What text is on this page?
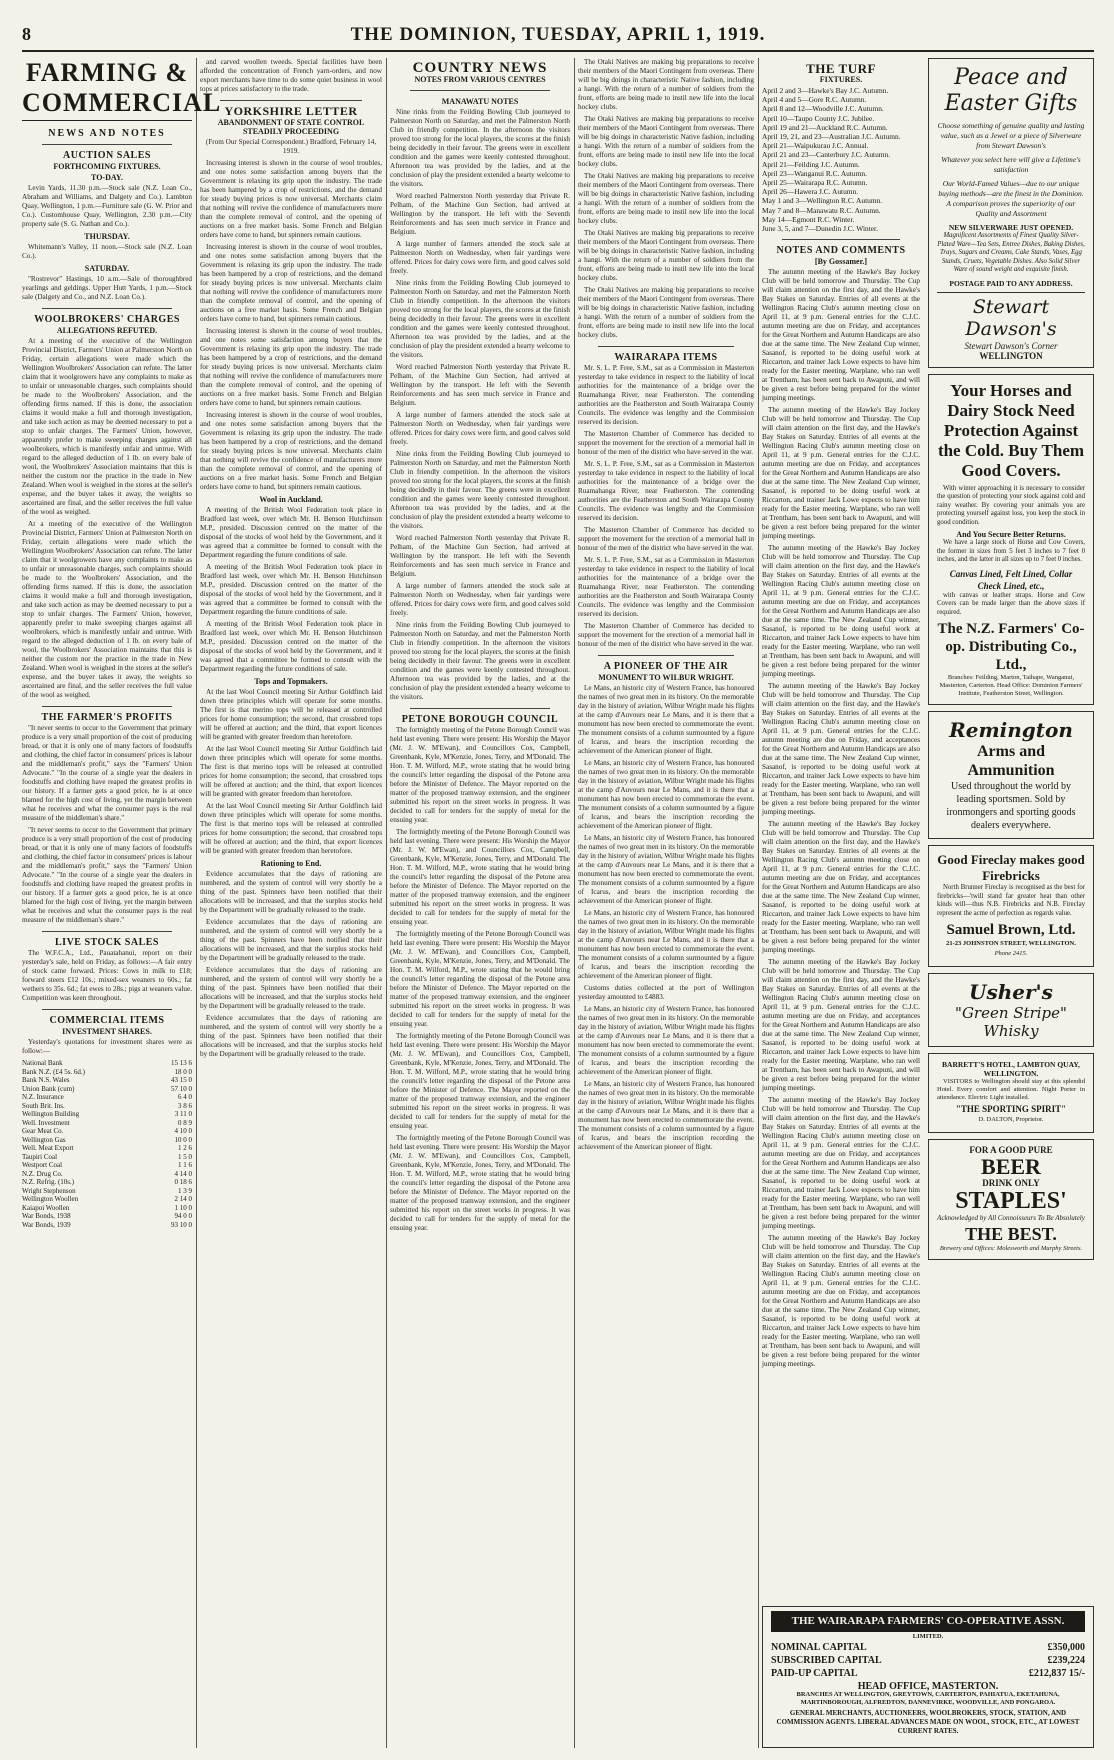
8	THE DOMINION, TUESDAY, APRIL 1, 1919.
FARMING & COMMERCIAL
NEWS AND NOTES
AUCTION SALES
FORTHCOMING FIXTURES.
TO-DAY.

Levin Yards, 11.30 p.m.—Stock sale (N.Z. Loan Co., Abraham and Williams, and Dalgety and Co.). Lambton Quay, Wellington, 1 p.m.—Furniture sale (G. W. Prior and Co.). Customhouse Quay, Wellington, 2.30 p.m.—City property sale (S. G. Nathan and Co.).

THURSDAY.

Whitemann's Valley, 11 noon.—Stock sale (N.Z. Loan Co.).

SATURDAY.

"Rostrevor" Hastings, 10 a.m.—Sale of thoroughbred yearlings and geldings. Upper Hutt Yards, 1 p.m.—Stock sale (Dalgety and Co., and N.Z. Loan Co.).

WOOLBROKERS' CHARGES
ALLEGATIONS REFUTED.

At a meeting of the executive of the Wellington Provincial District, Farmers' Union at Palmerston North on Friday, certain allegations were made which the Wellington Woolbrokers' Association can refute. The latter claim that it woolgrowers have any complaints to make as to unfair or unreasonable charges, such complaints should be made to the Woolbrokers' Association, and the offending firms named. If this is done, the association claims it would make a full and thorough investigation, and take such action as may be deemed necessary to put a stop to unfair charges. The Farmers' Union, however, apparently prefer to make sweeping charges against all woolbrokers, which is manifestly unfair and untrue. With regard to the alleged deduction of 1 lb. on every bale of wool, the Woolbrokers' Association maintains that this is neither the custom nor the practice in the trade in New Zealand. When wool is weighed in the stores at the seller's expense, and the buyer takes it away, the weights so ascertained are final, and the seller receives the full value of the wool as weighed.

At a meeting of the executive of the Wellington Provincial District, Farmers' Union at Palmerston North on Friday, certain allegations were made which the Wellington Woolbrokers' Association can refute. The latter claim that it woolgrowers have any complaints to make as to unfair or unreasonable charges, such complaints should be made to the Woolbrokers' Association, and the offending firms named. If this is done, the association claims it would make a full and thorough investigation, and take such action as may be deemed necessary to put a stop to unfair charges. The Farmers' Union, however, apparently prefer to make sweeping charges against all woolbrokers, which is manifestly unfair and untrue. With regard to the alleged deduction of 1 lb. on every bale of wool, the Woolbrokers' Association maintains that this is neither the custom nor the practice in the trade in New Zealand. When wool is weighed in the stores at the seller's expense, and the buyer takes it away, the weights so ascertained are final, and the seller receives the full value of the wool as weighed.

THE FARMER'S PROFITS

"It never seems to occur to the Government that primary produce is a very small proportion of the cost of producing bread, or that it is only one of many factors of foodstuffs and clothing, the chief factor in consumers' prices is labour and the middleman's profit," says the "Farmers' Union Advocate." "In the course of a single year the dealers in foodstuffs and clothing have reaped the greatest profits in our history. If a farmer gets a good price, he is at once blamed for the high cost of living, yet the margin between what he receives and what the consumer pays is the real measure of the middleman's share."

"It never seems to occur to the Government that primary produce is a very small proportion of the cost of producing bread, or that it is only one of many factors of foodstuffs and clothing, the chief factor in consumers' prices is labour and the middleman's profit," says the "Farmers' Union Advocate." "In the course of a single year the dealers in foodstuffs and clothing have reaped the greatest profits in our history. If a farmer gets a good price, he is at once blamed for the high cost of living, yet the margin between what he receives and what the consumer pays is the real measure of the middleman's share."

LIVE STOCK SALES

The W.F.C.A., Ltd., Pauatahanui, report on their yesterday's sale, held on Friday, as follows:—A fair entry of stock came forward. Prices: Cows in milk to £18; forward steers £12 10s.; mixed-sex weaners to 60s.; fat wethers to 35s. 6d.; fat ewes to 28s.; pigs at weaners value. Competition was keen throughout.

COMMERCIAL ITEMS
INVESTMENT SHARES.

Yesterday's quotations for investment shares were as follow:—

National Bank	15 13 6
Bank N.Z. (£4 5s. 6d.)	18 0 0
Bank N.S. Wales	43 15 0
Union Bank (cum)	57 10 0
N.Z. Insurance	6 4 0
South Brit. Ins.	3 8 6
Wellington Building	3 11 0
Well. Investment	0 8 9
Gear Meat Co.	4 10 0
Wellington Gas	10 0 0
Well. Meat Export	1 2 6
Taupiri Coal	1 5 0
Westport Coal	1 1 6
N.Z. Drug Co.	4 14 0
N.Z. Refrig. (10s.)	0 18 6
Wright Stephenson	1 3 9
Wellington Woollen	2 14 0
Kaiapoi Woollen	1 10 0
War Bonds, 1938	94 0 0
War Bonds, 1939	93 10 0

and carved woollen tweeds. Special facilities have been afforded the concentration of French yarn-orders, and now export merchants have time to do some quiet business in wool tops at prices satisfactory to the trade.

YORKSHIRE LETTER
ABANDONMENT OF STATE CONTROL STEADILY PROCEEDING

(From Our Special Correspondent.) Bradford, February 14, 1919.

Increasing interest is shown in the course of wool troubles, and one notes some satisfaction among buyers that the Government is relaxing its grip upon the industry. The trade has been hampered by a crop of restrictions, and the demand for steady buying prices is now universal. Merchants claim that nothing will revive the confidence of manufacturers more than the complete removal of control, and the opening of auctions on a free market basis. Some French and Belgian orders have come to hand, but spinners remain cautious.

Increasing interest is shown in the course of wool troubles, and one notes some satisfaction among buyers that the Government is relaxing its grip upon the industry. The trade has been hampered by a crop of restrictions, and the demand for steady buying prices is now universal. Merchants claim that nothing will revive the confidence of manufacturers more than the complete removal of control, and the opening of auctions on a free market basis. Some French and Belgian orders have come to hand, but spinners remain cautious.

Increasing interest is shown in the course of wool troubles, and one notes some satisfaction among buyers that the Government is relaxing its grip upon the industry. The trade has been hampered by a crop of restrictions, and the demand for steady buying prices is now universal. Merchants claim that nothing will revive the confidence of manufacturers more than the complete removal of control, and the opening of auctions on a free market basis. Some French and Belgian orders have come to hand, but spinners remain cautious.

Increasing interest is shown in the course of wool troubles, and one notes some satisfaction among buyers that the Government is relaxing its grip upon the industry. The trade has been hampered by a crop of restrictions, and the demand for steady buying prices is now universal. Merchants claim that nothing will revive the confidence of manufacturers more than the complete removal of control, and the opening of auctions on a free market basis. Some French and Belgian orders have come to hand, but spinners remain cautious.

Wool in Auckland.

A meeting of the British Wool Federation took place in Bradford last week, over which Mr. H. Benson Hutchinson M.P., presided. Discussion centred on the matter of the disposal of the stocks of wool held by the Government, and it was agreed that a committee be formed to consult with the Department regarding the future conditions of sale.

A meeting of the British Wool Federation took place in Bradford last week, over which Mr. H. Benson Hutchinson M.P., presided. Discussion centred on the matter of the disposal of the stocks of wool held by the Government, and it was agreed that a committee be formed to consult with the Department regarding the future conditions of sale.

A meeting of the British Wool Federation took place in Bradford last week, over which Mr. H. Benson Hutchinson M.P., presided. Discussion centred on the matter of the disposal of the stocks of wool held by the Government, and it was agreed that a committee be formed to consult with the Department regarding the future conditions of sale.

Tops and Topmakers.

At the last Wool Council meeting Sir Arthur Goldfinch laid down three principles which will operate for some months. The first is that merino tops will be released at controlled prices for home consumption; the second, that crossbred tops will be offered at auction; and the third, that export licences will be granted with greater freedom than heretofore.

At the last Wool Council meeting Sir Arthur Goldfinch laid down three principles which will operate for some months. The first is that merino tops will be released at controlled prices for home consumption; the second, that crossbred tops will be offered at auction; and the third, that export licences will be granted with greater freedom than heretofore.

At the last Wool Council meeting Sir Arthur Goldfinch laid down three principles which will operate for some months. The first is that merino tops will be released at controlled prices for home consumption; the second, that crossbred tops will be offered at auction; and the third, that export licences will be granted with greater freedom than heretofore.

Rationing to End.

Evidence accumulates that the days of rationing are numbered, and the system of control will very shortly be a thing of the past. Spinners have been notified that their allocations will be increased, and that the surplus stocks held by the Department will be gradually released to the trade.

Evidence accumulates that the days of rationing are numbered, and the system of control will very shortly be a thing of the past. Spinners have been notified that their allocations will be increased, and that the surplus stocks held by the Department will be gradually released to the trade.

Evidence accumulates that the days of rationing are numbered, and the system of control will very shortly be a thing of the past. Spinners have been notified that their allocations will be increased, and that the surplus stocks held by the Department will be gradually released to the trade.

Evidence accumulates that the days of rationing are numbered, and the system of control will very shortly be a thing of the past. Spinners have been notified that their allocations will be increased, and that the surplus stocks held by the Department will be gradually released to the trade.

COUNTRY NEWS
NOTES FROM VARIOUS CENTRES
MANAWATU NOTES

Nine rinks from the Feilding Bowling Club journeyed to Palmerston North on Saturday, and met the Palmerston North Club in friendly competition. In the afternoon the visitors proved too strong for the local players, the scores at the finish being decidedly in their favour. The greens were in excellent condition and the games were keenly contested throughout. Afternoon tea was provided by the ladies, and at the conclusion of play the president extended a hearty welcome to the visitors.

Word reached Palmerston North yesterday that Private R. Pelham, of the Machine Gun Section, had arrived at Wellington by the transport. He left with the Seventh Reinforcements and has seen much service in France and Belgium.

A large number of farmers attended the stock sale at Palmerston North on Wednesday, when fair yardings were offered. Prices for dairy cows were firm, and good calves sold freely.

Nine rinks from the Feilding Bowling Club journeyed to Palmerston North on Saturday, and met the Palmerston North Club in friendly competition. In the afternoon the visitors proved too strong for the local players, the scores at the finish being decidedly in their favour. The greens were in excellent condition and the games were keenly contested throughout. Afternoon tea was provided by the ladies, and at the conclusion of play the president extended a hearty welcome to the visitors.

Word reached Palmerston North yesterday that Private R. Pelham, of the Machine Gun Section, had arrived at Wellington by the transport. He left with the Seventh Reinforcements and has seen much service in France and Belgium.

A large number of farmers attended the stock sale at Palmerston North on Wednesday, when fair yardings were offered. Prices for dairy cows were firm, and good calves sold freely.

Nine rinks from the Feilding Bowling Club journeyed to Palmerston North on Saturday, and met the Palmerston North Club in friendly competition. In the afternoon the visitors proved too strong for the local players, the scores at the finish being decidedly in their favour. The greens were in excellent condition and the games were keenly contested throughout. Afternoon tea was provided by the ladies, and at the conclusion of play the president extended a hearty welcome to the visitors.

Word reached Palmerston North yesterday that Private R. Pelham, of the Machine Gun Section, had arrived at Wellington by the transport. He left with the Seventh Reinforcements and has seen much service in France and Belgium.

A large number of farmers attended the stock sale at Palmerston North on Wednesday, when fair yardings were offered. Prices for dairy cows were firm, and good calves sold freely.

Nine rinks from the Feilding Bowling Club journeyed to Palmerston North on Saturday, and met the Palmerston North Club in friendly competition. In the afternoon the visitors proved too strong for the local players, the scores at the finish being decidedly in their favour. The greens were in excellent condition and the games were keenly contested throughout. Afternoon tea was provided by the ladies, and at the conclusion of play the president extended a hearty welcome to the visitors.

PETONE BOROUGH COUNCIL

The fortnightly meeting of the Petone Borough Council was held last evening. There were present: His Worship the Mayor (Mr. J. W. M'Ewan), and Councillors Cox, Campbell, Greenbank, Kyle, M'Kenzie, Jones, Terry, and M'Donald. The Hon. T. M. Wilford, M.P., wrote stating that he would bring the council's letter regarding the disposal of the Petone area before the Minister of Defence. The Mayor reported on the matter of the proposed tramway extension, and the engineer submitted his report on the street works in progress. It was decided to call for tenders for the supply of metal for the ensuing year.

The fortnightly meeting of the Petone Borough Council was held last evening. There were present: His Worship the Mayor (Mr. J. W. M'Ewan), and Councillors Cox, Campbell, Greenbank, Kyle, M'Kenzie, Jones, Terry, and M'Donald. The Hon. T. M. Wilford, M.P., wrote stating that he would bring the council's letter regarding the disposal of the Petone area before the Minister of Defence. The Mayor reported on the matter of the proposed tramway extension, and the engineer submitted his report on the street works in progress. It was decided to call for tenders for the supply of metal for the ensuing year.

The fortnightly meeting of the Petone Borough Council was held last evening. There were present: His Worship the Mayor (Mr. J. W. M'Ewan), and Councillors Cox, Campbell, Greenbank, Kyle, M'Kenzie, Jones, Terry, and M'Donald. The Hon. T. M. Wilford, M.P., wrote stating that he would bring the council's letter regarding the disposal of the Petone area before the Minister of Defence. The Mayor reported on the matter of the proposed tramway extension, and the engineer submitted his report on the street works in progress. It was decided to call for tenders for the supply of metal for the ensuing year.

The fortnightly meeting of the Petone Borough Council was held last evening. There were present: His Worship the Mayor (Mr. J. W. M'Ewan), and Councillors Cox, Campbell, Greenbank, Kyle, M'Kenzie, Jones, Terry, and M'Donald. The Hon. T. M. Wilford, M.P., wrote stating that he would bring the council's letter regarding the disposal of the Petone area before the Minister of Defence. The Mayor reported on the matter of the proposed tramway extension, and the engineer submitted his report on the street works in progress. It was decided to call for tenders for the supply of metal for the ensuing year.

The fortnightly meeting of the Petone Borough Council was held last evening. There were present: His Worship the Mayor (Mr. J. W. M'Ewan), and Councillors Cox, Campbell, Greenbank, Kyle, M'Kenzie, Jones, Terry, and M'Donald. The Hon. T. M. Wilford, M.P., wrote stating that he would bring the council's letter regarding the disposal of the Petone area before the Minister of Defence. The Mayor reported on the matter of the proposed tramway extension, and the engineer submitted his report on the street works in progress. It was decided to call for tenders for the supply of metal for the ensuing year.

The Otaki Natives are making big preparations to receive their members of the Maori Contingent from overseas. There will be big doings in characteristic Native fashion, including a hangi. With the return of a number of soldiers from the front, efforts are being made to instil new life into the local hockey clubs.

The Otaki Natives are making big preparations to receive their members of the Maori Contingent from overseas. There will be big doings in characteristic Native fashion, including a hangi. With the return of a number of soldiers from the front, efforts are being made to instil new life into the local hockey clubs.

The Otaki Natives are making big preparations to receive their members of the Maori Contingent from overseas. There will be big doings in characteristic Native fashion, including a hangi. With the return of a number of soldiers from the front, efforts are being made to instil new life into the local hockey clubs.

The Otaki Natives are making big preparations to receive their members of the Maori Contingent from overseas. There will be big doings in characteristic Native fashion, including a hangi. With the return of a number of soldiers from the front, efforts are being made to instil new life into the local hockey clubs.

The Otaki Natives are making big preparations to receive their members of the Maori Contingent from overseas. There will be big doings in characteristic Native fashion, including a hangi. With the return of a number of soldiers from the front, efforts are being made to instil new life into the local hockey clubs.

WAIRARAPA ITEMS

Mr. S. L. P. Free, S.M., sat as a Commission in Masterton yesterday to take evidence in respect to the liability of local authorities for the maintenance of a bridge over the Ruamahanga River, near Featherston. The contending authorities are the Featherston and South Wairarapa County Councils. The evidence was lengthy and the Commission reserved its decision.

The Masterton Chamber of Commerce has decided to support the movement for the erection of a memorial hall in honour of the men of the district who have served in the war.

Mr. S. L. P. Free, S.M., sat as a Commission in Masterton yesterday to take evidence in respect to the liability of local authorities for the maintenance of a bridge over the Ruamahanga River, near Featherston. The contending authorities are the Featherston and South Wairarapa County Councils. The evidence was lengthy and the Commission reserved its decision.

The Masterton Chamber of Commerce has decided to support the movement for the erection of a memorial hall in honour of the men of the district who have served in the war.

Mr. S. L. P. Free, S.M., sat as a Commission in Masterton yesterday to take evidence in respect to the liability of local authorities for the maintenance of a bridge over the Ruamahanga River, near Featherston. The contending authorities are the Featherston and South Wairarapa County Councils. The evidence was lengthy and the Commission reserved its decision.

The Masterton Chamber of Commerce has decided to support the movement for the erection of a memorial hall in honour of the men of the district who have served in the war.

A PIONEER OF THE AIR
MONUMENT TO WILBUR WRIGHT.

Le Mans, an historic city of Western France, has honoured the names of two great men in its history. On the memorable day in the history of aviation, Wilbur Wright made his flights at the camp d'Auvours near Le Mans, and it is there that a monument has now been erected to commemorate the event. The monument consists of a column surmounted by a figure of Icarus, and bears the inscription recording the achievement of the American pioneer of flight.

Le Mans, an historic city of Western France, has honoured the names of two great men in its history. On the memorable day in the history of aviation, Wilbur Wright made his flights at the camp d'Auvours near Le Mans, and it is there that a monument has now been erected to commemorate the event. The monument consists of a column surmounted by a figure of Icarus, and bears the inscription recording the achievement of the American pioneer of flight.

Le Mans, an historic city of Western France, has honoured the names of two great men in its history. On the memorable day in the history of aviation, Wilbur Wright made his flights at the camp d'Auvours near Le Mans, and it is there that a monument has now been erected to commemorate the event. The monument consists of a column surmounted by a figure of Icarus, and bears the inscription recording the achievement of the American pioneer of flight.

Le Mans, an historic city of Western France, has honoured the names of two great men in its history. On the memorable day in the history of aviation, Wilbur Wright made his flights at the camp d'Auvours near Le Mans, and it is there that a monument has now been erected to commemorate the event. The monument consists of a column surmounted by a figure of Icarus, and bears the inscription recording the achievement of the American pioneer of flight.

Customs duties collected at the port of Wellington yesterday amounted to £4883.

Le Mans, an historic city of Western France, has honoured the names of two great men in its history. On the memorable day in the history of aviation, Wilbur Wright made his flights at the camp d'Auvours near Le Mans, and it is there that a monument has now been erected to commemorate the event. The monument consists of a column surmounted by a figure of Icarus, and bears the inscription recording the achievement of the American pioneer of flight.

Le Mans, an historic city of Western France, has honoured the names of two great men in its history. On the memorable day in the history of aviation, Wilbur Wright made his flights at the camp d'Auvours near Le Mans, and it is there that a monument has now been erected to commemorate the event. The monument consists of a column surmounted by a figure of Icarus, and bears the inscription recording the achievement of the American pioneer of flight.

THE TURF
FIXTURES.
April 2 and 3—Hawke's Bay J.C. Autumn.
April 4 and 5—Gore R.C. Autumn.
April 8 and 12—Woodville J.C. Autumn.
April 10—Taupo County J.C. Jubilee.
April 19 and 21—Auckland R.C. Autumn.
April 19, 21, and 23—Australian J.C. Autumn.
April 21—Waipukurau J.C. Annual.
April 21 and 23—Canterbury J.C. Autumn.
April 21—Feilding J.C. Autumn.
April 23—Wanganui R.C. Autumn.
April 25—Wairarapa R.C. Autumn.
April 26—Hawera J.C. Autumn.
May 1 and 3—Wellington R.C. Autumn.
May 7 and 8—Manawatu R.C. Autumn.
May 14—Egmont R.C. Winter.
June 3, 5, and 7—Dunedin J.C. Winter.
NOTES AND COMMENTS
[By Gossamer.]

The autumn meeting of the Hawke's Bay Jockey Club will be held tomorrow and Thursday. The Cup will claim attention on the first day, and the Hawke's Bay Stakes on Saturday. Entries of all events at the Wellington Racing Club's autumn meeting close on April 11, at 9 p.m. General entries for the C.J.C. autumn meeting are due on Friday, and acceptances for the Great Northern and Autumn Handicaps are also due at the same time. The New Zealand Cup winner, Sasanof, is reported to be doing useful work at Riccarton, and trainer Jack Lowe expects to have him ready for the Easter meeting. Warplane, who ran well at Trentham, has been sent back to Awapuni, and will be given a rest before being prepared for the winter jumping meetings.

The autumn meeting of the Hawke's Bay Jockey Club will be held tomorrow and Thursday. The Cup will claim attention on the first day, and the Hawke's Bay Stakes on Saturday. Entries of all events at the Wellington Racing Club's autumn meeting close on April 11, at 9 p.m. General entries for the C.J.C. autumn meeting are due on Friday, and acceptances for the Great Northern and Autumn Handicaps are also due at the same time. The New Zealand Cup winner, Sasanof, is reported to be doing useful work at Riccarton, and trainer Jack Lowe expects to have him ready for the Easter meeting. Warplane, who ran well at Trentham, has been sent back to Awapuni, and will be given a rest before being prepared for the winter jumping meetings.

The autumn meeting of the Hawke's Bay Jockey Club will be held tomorrow and Thursday. The Cup will claim attention on the first day, and the Hawke's Bay Stakes on Saturday. Entries of all events at the Wellington Racing Club's autumn meeting close on April 11, at 9 p.m. General entries for the C.J.C. autumn meeting are due on Friday, and acceptances for the Great Northern and Autumn Handicaps are also due at the same time. The New Zealand Cup winner, Sasanof, is reported to be doing useful work at Riccarton, and trainer Jack Lowe expects to have him ready for the Easter meeting. Warplane, who ran well at Trentham, has been sent back to Awapuni, and will be given a rest before being prepared for the winter jumping meetings.

The autumn meeting of the Hawke's Bay Jockey Club will be held tomorrow and Thursday. The Cup will claim attention on the first day, and the Hawke's Bay Stakes on Saturday. Entries of all events at the Wellington Racing Club's autumn meeting close on April 11, at 9 p.m. General entries for the C.J.C. autumn meeting are due on Friday, and acceptances for the Great Northern and Autumn Handicaps are also due at the same time. The New Zealand Cup winner, Sasanof, is reported to be doing useful work at Riccarton, and trainer Jack Lowe expects to have him ready for the Easter meeting. Warplane, who ran well at Trentham, has been sent back to Awapuni, and will be given a rest before being prepared for the winter jumping meetings.

The autumn meeting of the Hawke's Bay Jockey Club will be held tomorrow and Thursday. The Cup will claim attention on the first day, and the Hawke's Bay Stakes on Saturday. Entries of all events at the Wellington Racing Club's autumn meeting close on April 11, at 9 p.m. General entries for the C.J.C. autumn meeting are due on Friday, and acceptances for the Great Northern and Autumn Handicaps are also due at the same time. The New Zealand Cup winner, Sasanof, is reported to be doing useful work at Riccarton, and trainer Jack Lowe expects to have him ready for the Easter meeting. Warplane, who ran well at Trentham, has been sent back to Awapuni, and will be given a rest before being prepared for the winter jumping meetings.

The autumn meeting of the Hawke's Bay Jockey Club will be held tomorrow and Thursday. The Cup will claim attention on the first day, and the Hawke's Bay Stakes on Saturday. Entries of all events at the Wellington Racing Club's autumn meeting close on April 11, at 9 p.m. General entries for the C.J.C. autumn meeting are due on Friday, and acceptances for the Great Northern and Autumn Handicaps are also due at the same time. The New Zealand Cup winner, Sasanof, is reported to be doing useful work at Riccarton, and trainer Jack Lowe expects to have him ready for the Easter meeting. Warplane, who ran well at Trentham, has been sent back to Awapuni, and will be given a rest before being prepared for the winter jumping meetings.

The autumn meeting of the Hawke's Bay Jockey Club will be held tomorrow and Thursday. The Cup will claim attention on the first day, and the Hawke's Bay Stakes on Saturday. Entries of all events at the Wellington Racing Club's autumn meeting close on April 11, at 9 p.m. General entries for the C.J.C. autumn meeting are due on Friday, and acceptances for the Great Northern and Autumn Handicaps are also due at the same time. The New Zealand Cup winner, Sasanof, is reported to be doing useful work at Riccarton, and trainer Jack Lowe expects to have him ready for the Easter meeting. Warplane, who ran well at Trentham, has been sent back to Awapuni, and will be given a rest before being prepared for the winter jumping meetings.

The autumn meeting of the Hawke's Bay Jockey Club will be held tomorrow and Thursday. The Cup will claim attention on the first day, and the Hawke's Bay Stakes on Saturday. Entries of all events at the Wellington Racing Club's autumn meeting close on April 11, at 9 p.m. General entries for the C.J.C. autumn meeting are due on Friday, and acceptances for the Great Northern and Autumn Handicaps are also due at the same time. The New Zealand Cup winner, Sasanof, is reported to be doing useful work at Riccarton, and trainer Jack Lowe expects to have him ready for the Easter meeting. Warplane, who ran well at Trentham, has been sent back to Awapuni, and will be given a rest before being prepared for the winter jumping meetings.

Peace and Easter Gifts
Choose something of genuine quality and lasting value, such as a Jewel or a piece of Silverware from Stewart Dawson's
Whatever you select here will give a Lifetime's satisfaction
Our World-Famed Values—due to our unique buying methods—are the finest in the Dominion. A comparison proves the superiority of our Quality and Assortment
NEW SILVERWARE JUST OPENED.
Magnificent Assortments of Finest Quality Silver-Plated Ware—Tea Sets, Entree Dishes, Baking Dishes, Trays, Sugars and Creams, Cake Stands, Vases, Egg Stands, Cruets, Vegetable Dishes. Also Solid Silver Ware of sound weight and exquisite finish.
POSTAGE PAID TO ANY ADDRESS.
Stewart Dawson's
Stewart Dawson's Corner
WELLINGTON
Your Horses and Dairy Stock Need Protection Against the Cold. Buy Them Good Covers.

With winter approaching it is necessary to consider the question of protecting your stock against cold and rainy weather. By covering your animals you are protecting yourself against loss, you keep the stock in good condition.

And You Secure Better Returns.

We have a large stock of Horse and Cow Covers, the former in sizes from 5 feet 3 inches to 7 feet 0 inches, and the latter in all sizes up to 7 feet 0 inches.

Canvas Lined, Felt Lined, Collar Check Lined, etc.,

with canvas or leather straps. Horse and Cow Covers can be made larger than the above sizes if required.

The N.Z. Farmers' Co-op. Distributing Co., Ltd.,
Branches: Feilding, Marton, Taihape, Wanganui, Masterton, Carterton. Head Office: Dominion Farmers' Institute, Featherston Street, Wellington.
Remington
Arms and Ammunition
Used throughout the world by leading sportsmen. Sold by ironmongers and sporting goods dealers everywhere.
Good Fireclay makes good Firebricks

North Brunner Fireclay is recognised as the best for firebricks—'twill stand far greater heat than other kinds will—thus N.B. Firebricks and N.B. Fireclay represent the acme of perfection as regards value.

Samuel Brown, Ltd.
21-23 JOHNSTON STREET, WELLINGTON.
Phone 2415.
Usher's
"Green Stripe" Whisky
BARRETT'S HOTEL, LAMBTON QUAY, WELLINGTON.

VISITORS to Wellington should stay at this splendid Hotel. Every comfort and attention. Night Porter in attendance. Electric Light installed.

"THE SPORTING SPIRIT"
D. DALTON, Proprietor.
FOR A GOOD PURE
BEER
DRINK ONLY
STAPLES'
Acknowledged by All Connoisseurs To Be Absolutely
THE BEST.
Brewery and Offices: Molesworth and Murphy Streets.
THE WAIRARAPA FARMERS' CO-OPERATIVE ASSN.
LIMITED.
NOMINAL CAPITAL	£350,000
SUBSCRIBED CAPITAL	£239,224
PAID-UP CAPITAL	£212,837 15/-
HEAD OFFICE, MASTERTON.
BRANCHES AT WELLINGTON, GREYTOWN, CARTERTON, PAHIATUA, EKETAHUNA, MARTINBOROUGH, ALFREDTON, DANNEVIRKE, WOODVILLE, AND PONGAROA.
GENERAL MERCHANTS, AUCTIONEERS, WOOLBROKERS, STOCK, STATION, AND COMMISSION AGENTS. LIBERAL ADVANCES MADE ON WOOL, STOCK, ETC., AT LOWEST CURRENT RATES.
